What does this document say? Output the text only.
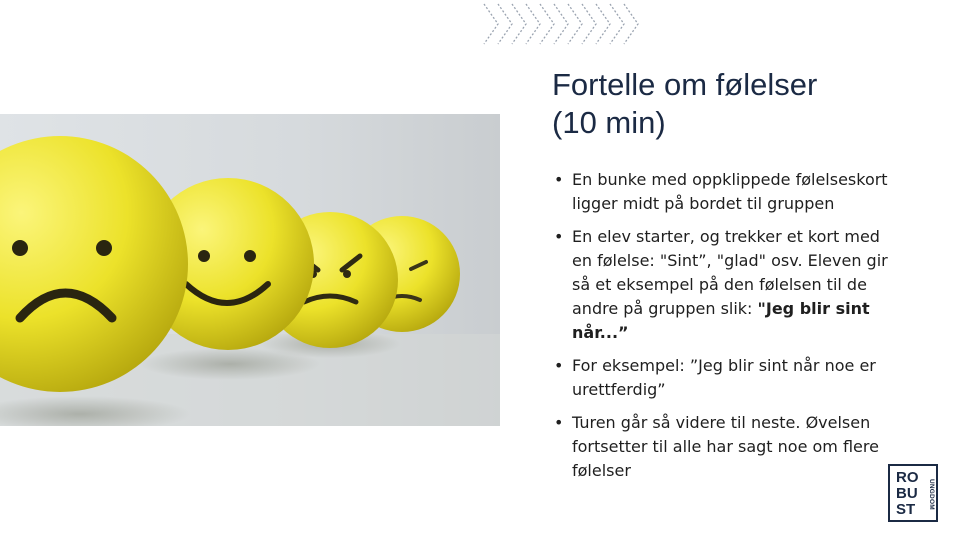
Fortelle om følelser
(10 min)
• En bunke med oppklippede følelseskort ligger midt på bordet til gruppen
• En elev starter, og trekker et kort med en følelse: "Sint”, "glad" osv. Eleven gir så et eksempel på den følelsen til de andre på gruppen slik: "Jeg blir sint når...”
• For eksempel: ”Jeg blir sint når noe er urettferdig”
• Turen går så videre til neste. Øvelsen fortsetter til alle har sagt noe om flere følelser	RO
BU
ST
UNGDOM
